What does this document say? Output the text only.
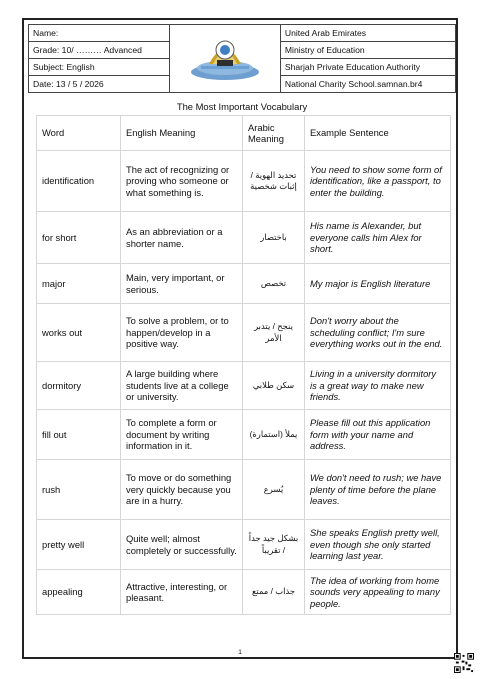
Name:		United Arab Emirates
Grade: 10/ ……… Advanced		Ministry of Education
Subject: English		Sharjah Private Education Authority
Date: 13 / 5 / 2026		National Charity School.samnan.br4
The Most Important Vocabulary
Word	English Meaning	Arabic Meaning	Example Sentence
identification	The act of recognizing or proving who someone or what something is.	تحديد الهوية / إثبات شخصية	You need to show some form of identification, like a passport, to enter the building.
for short	As an abbreviation or a shorter name.	باختصار	His name is Alexander, but everyone calls him Alex for short.
major	Main, very important, or serious.	تخصص	My major is English literature
works out	To solve a problem, or to happen/develop in a positive way.	ينجح / يتدبر الأمر	Don't worry about the scheduling conflict; I'm sure everything works out in the end.
dormitory	A large building where students live at a college or university.	سكن طلابي	Living in a university dormitory is a great way to make new friends.
fill out	To complete a form or document by writing information in it.	يملأ (استمارة)	Please fill out this application form with your name and address.
rush	To move or do something very quickly because you are in a hurry.	يُسرع	We don't need to rush; we have plenty of time before the plane leaves.
pretty well	Quite well; almost completely or successfully.	بشكل جيد جداً / تقريباً	She speaks English pretty well, even though she only started learning last year.
appealing	Attractive, interesting, or pleasant.	جذاب / ممتع	The idea of working from home sounds very appealing to many people.
1
